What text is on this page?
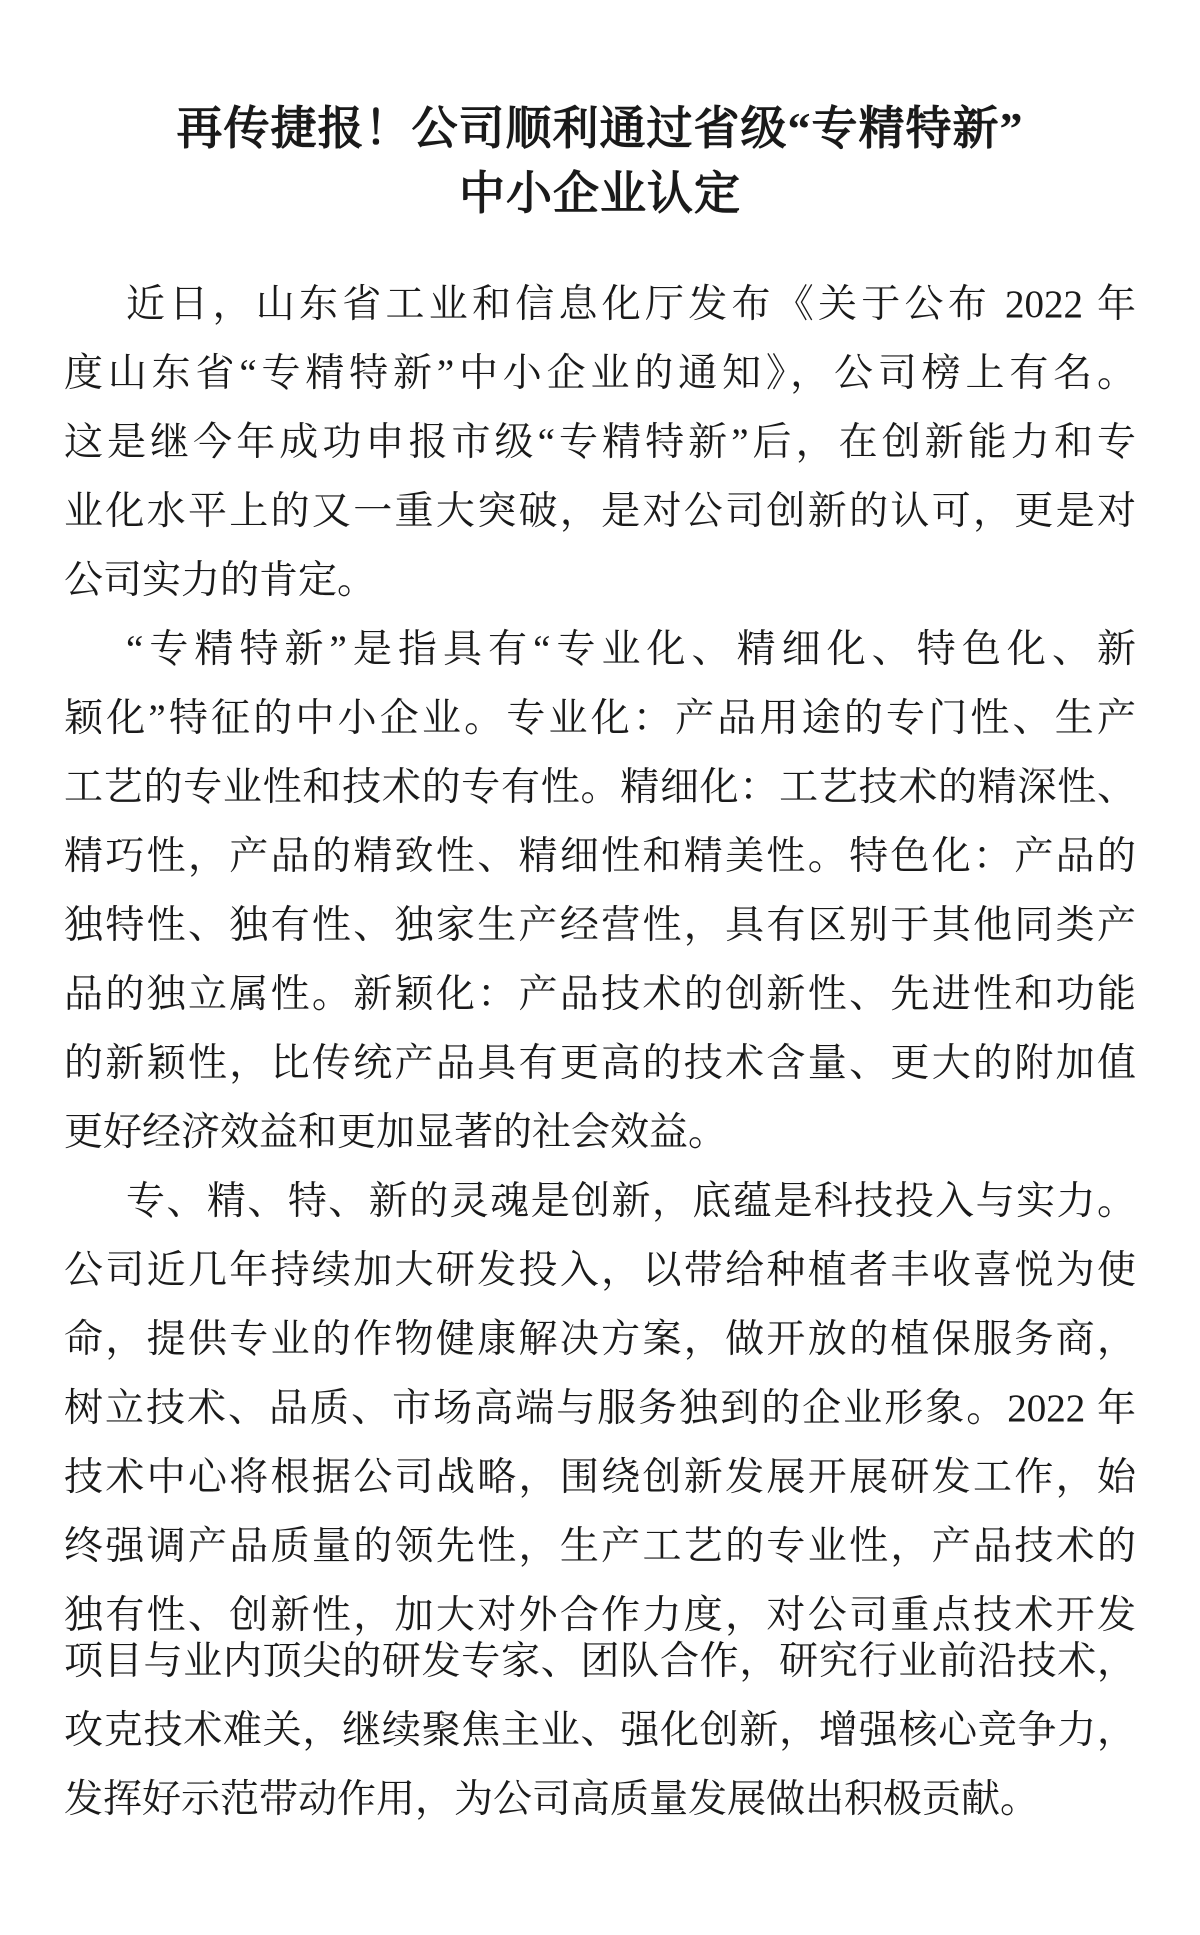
再传捷报！公司顺利通过省级“专精特新”
中小企业认定
近日，山东省工业和信息化厅发布《关于公布 2022 年
度山东省“专精特新”中小企业的通知》，公司榜上有名。
这是继今年成功申报市级“专精特新”后，在创新能力和专
业化水平上的又一重大突破，是对公司创新的认可，更是对
公司实力的肯定。
“专精特新”是指具有“专业化、精细化、特色化、新
颖化”特征的中小企业。专业化：产品用途的专门性、生产
工艺的专业性和技术的专有性。精细化：工艺技术的精深性、
精巧性，产品的精致性、精细性和精美性。特色化：产品的
独特性、独有性、独家生产经营性，具有区别于其他同类产
品的独立属性。新颖化：产品技术的创新性、先进性和功能
的新颖性，比传统产品具有更高的技术含量、更大的附加值
更好经济效益和更加显著的社会效益。
专、精、特、新的灵魂是创新，底蕴是科技投入与实力。
公司近几年持续加大研发投入，以带给种植者丰收喜悦为使
命，提供专业的作物健康解决方案，做开放的植保服务商，
树立技术、品质、市场高端与服务独到的企业形象。2022 年
技术中心将根据公司战略，围绕创新发展开展研发工作，始
终强调产品质量的领先性，生产工艺的专业性，产品技术的
独有性、创新性，加大对外合作力度，对公司重点技术开发
项目与业内顶尖的研发专家、团队合作，研究行业前沿技术，
攻克技术难关，继续聚焦主业、强化创新，增强核心竞争力，
发挥好示范带动作用，为公司高质量发展做出积极贡献。
